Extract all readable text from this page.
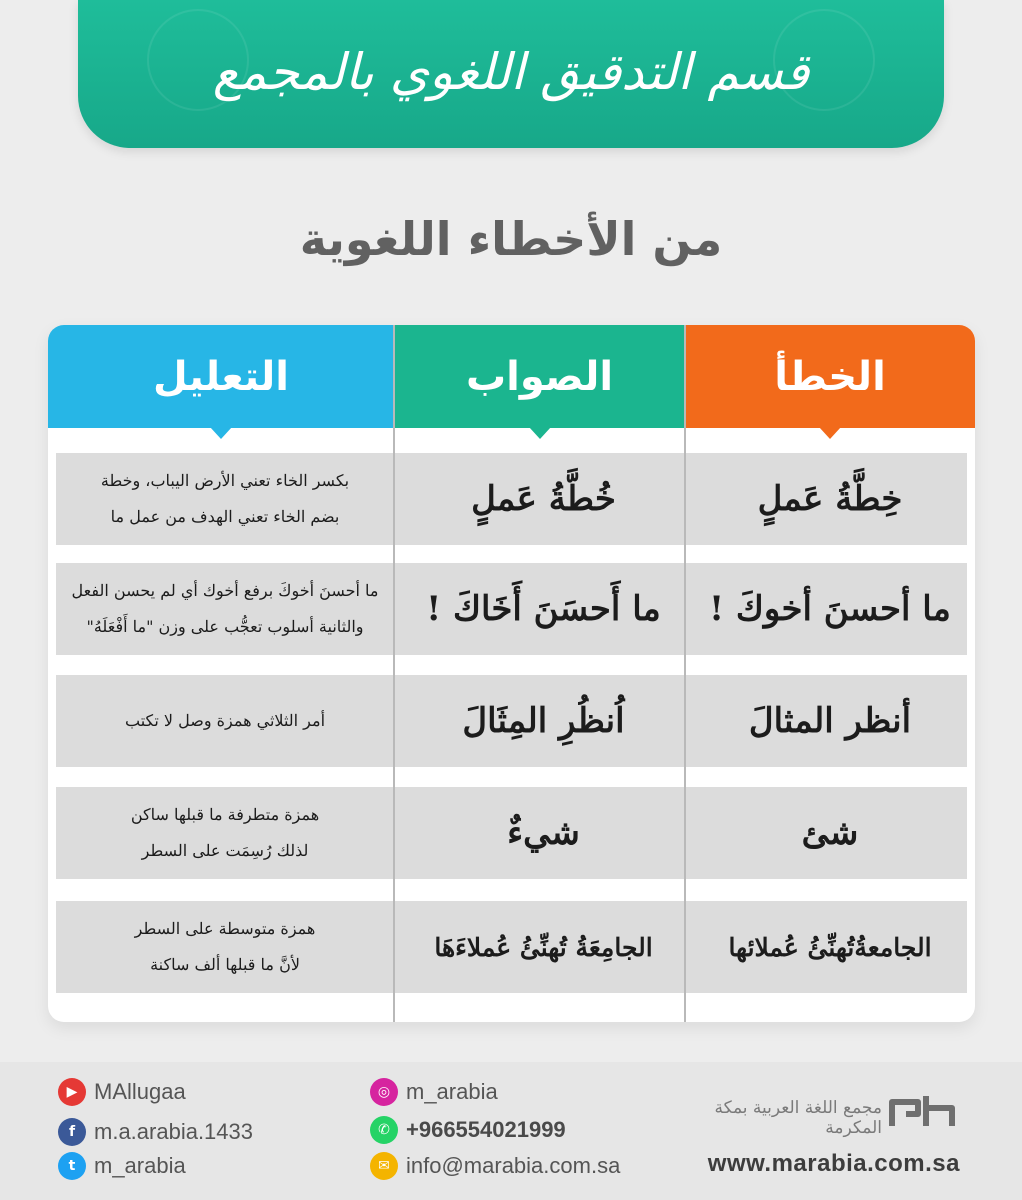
قسم التدقيق اللغوي بالمجمع
من الأخطاء اللغوية
الخطأ
الصواب
التعليل
خِطَّةُ عَملٍ
خُطَّةُ عَملٍ
بكسر الخاء تعني الأرض اليباب، وخطة
بضم الخاء تعني الهدف من عمل ما
ما أحسنَ أخوكَ !
ما أَحسَنَ أَخَاكَ !
ما أحسنَ أخوكَ برفع أخوك أي لم يحسن الفعل
والثانية أسلوب تعجُّب على وزن "ما أَفْعَلَهُ"
أنظر المثالَ
اُنظُرِ المِثَالَ
أمر الثلاثي همزة وصل لا تكتب
شئ
شيءٌ
همزة متطرفة ما قبلها ساكن
لذلك رُسِمَت على السطر
الجامعةُتُهنِّئُ عُملائها
الجامِعَةُ تُهنِّئُ عُملاءَهَا
همزة متوسطة على السطر
لأنَّ ما قبلها ألف ساكنة
▶ MAllugaa
f m.a.arabia.1433
t m_arabia
◎ m_arabia
✆ +966554021999
✉ info@marabia.com.sa
مجمع اللغة العربية بمكة المكرمة
www.marabia.com.sa
